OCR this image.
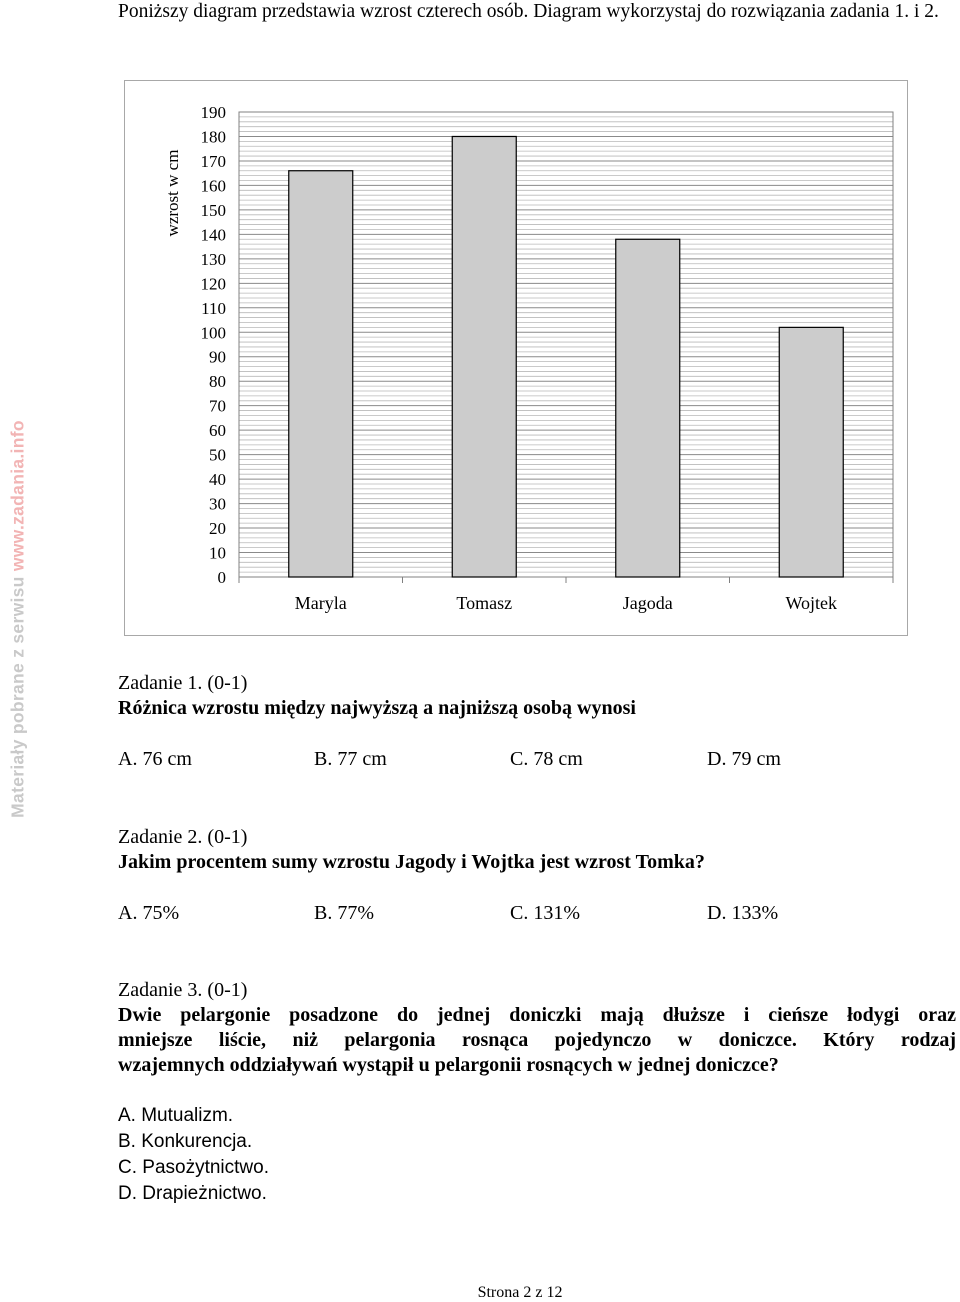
Poniższy diagram przedstawia wzrost czterech osób. Diagram wykorzystaj do rozwiązania zadania 1. i 2.
Materiały pobrane z serwisu www.zadania.info
0
10
20
30
40
50
60
70
80
90
100
110
120
130
140
150
160
170
180
190
wzrost w cm
Maryla	Tomasz	Jagoda	Wojtek
Zadanie 1. (0-1)
Różnica wzrostu między najwyższą a najniższą osobą wynosi
A. 76 cm	B. 77 cm	C. 78 cm	D. 79 cm
Zadanie 2. (0-1)
Jakim procentem sumy wzrostu Jagody i Wojtka jest wzrost Tomka?
A. 75%	B. 77%	C. 131%	D. 133%
Zadanie 3. (0-1)
Dwie pelargonie posadzone do jednej doniczki mają dłuższe i cieńsze łodygi oraz
mniejsze liście, niż pelargonia rosnąca pojedynczo w doniczce. Który rodzaj
wzajemnych oddziaływań wystąpił u pelargonii rosnących w jednej doniczce?
A. Mutualizm.
B. Konkurencja.
C. Pasożytnictwo.
D. Drapieżnictwo.
Strona 2 z 12
